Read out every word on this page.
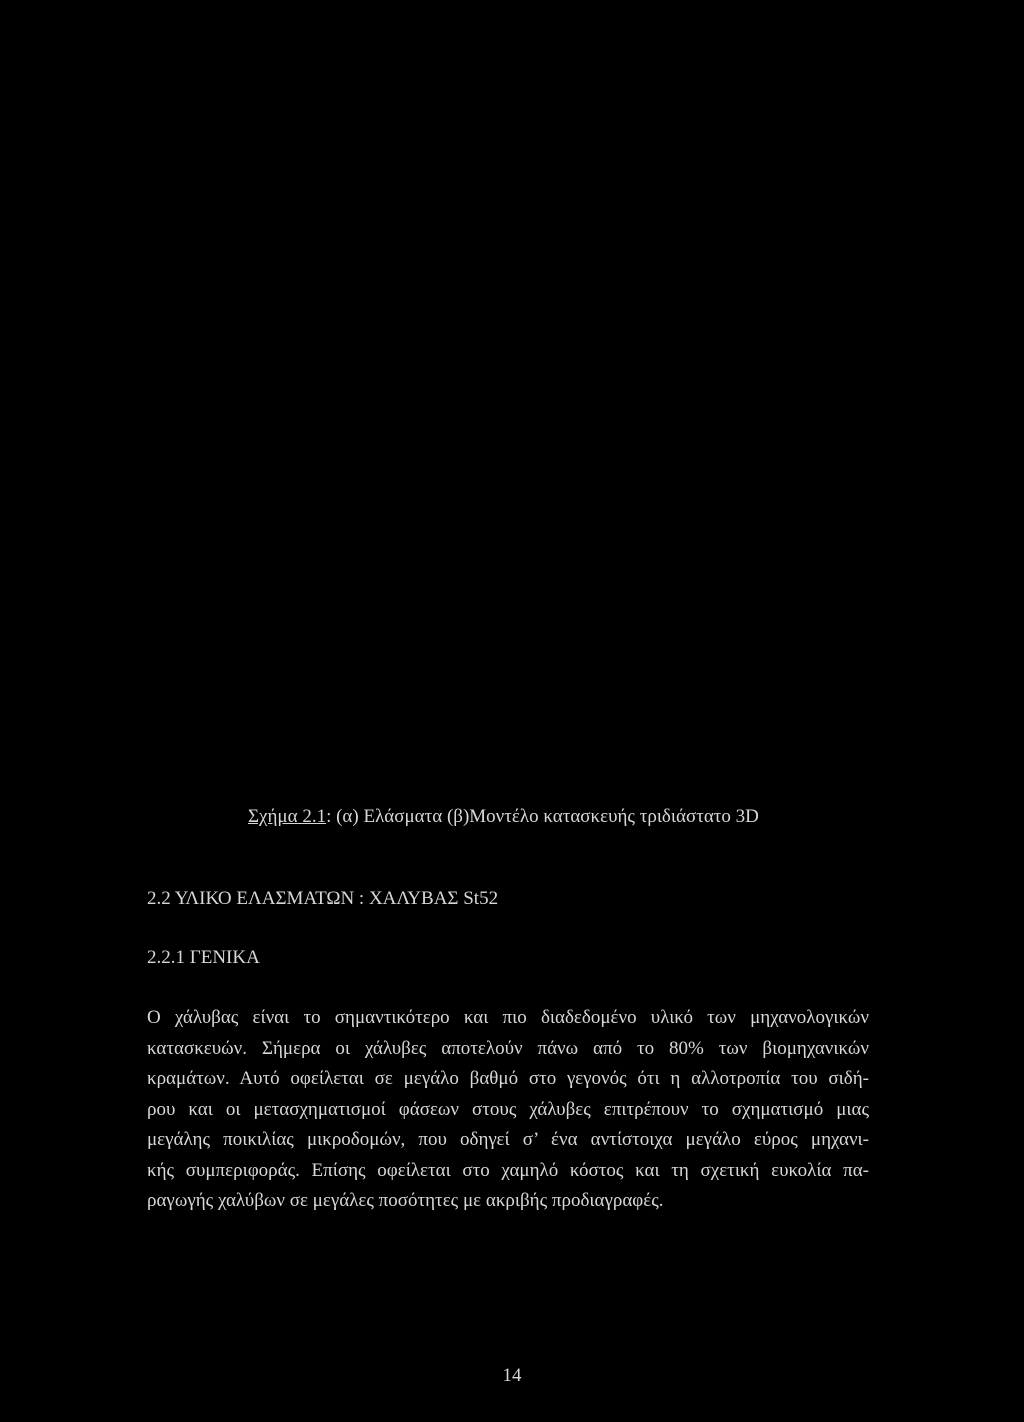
Σχήμα 2.1: (α) Ελάσματα (β)Μοντέλο κατασκευής τριδιάστατο 3D
2.2 ΥΛΙΚΟ ΕΛΑΣΜΑΤΩΝ : ΧΑΛΥΒΑΣ St52
2.2.1 ΓΕΝΙΚΑ

Ο χάλυβας είναι το σημαντικότερο και πιο διαδεδομένο υλικό των μηχανολογικών
κατασκευών. Σήμερα οι χάλυβες αποτελούν πάνω από το 80% των βιομηχανικών
κραμάτων. Αυτό οφείλεται σε μεγάλο βαθμό στο γεγονός ότι η αλλοτροπία του σιδή-
ρου και οι μετασχηματισμοί φάσεων στους χάλυβες επιτρέπουν το σχηματισμό μιας
μεγάλης ποικιλίας μικροδομών, που οδηγεί σ’ ένα αντίστοιχα μεγάλο εύρος μηχανι-
κής συμπεριφοράς. Επίσης οφείλεται στο χαμηλό κόστος και τη σχετική ευκολία πα-
ραγωγής χαλύβων σε μεγάλες ποσότητες με ακριβής προδιαγραφές.

14
